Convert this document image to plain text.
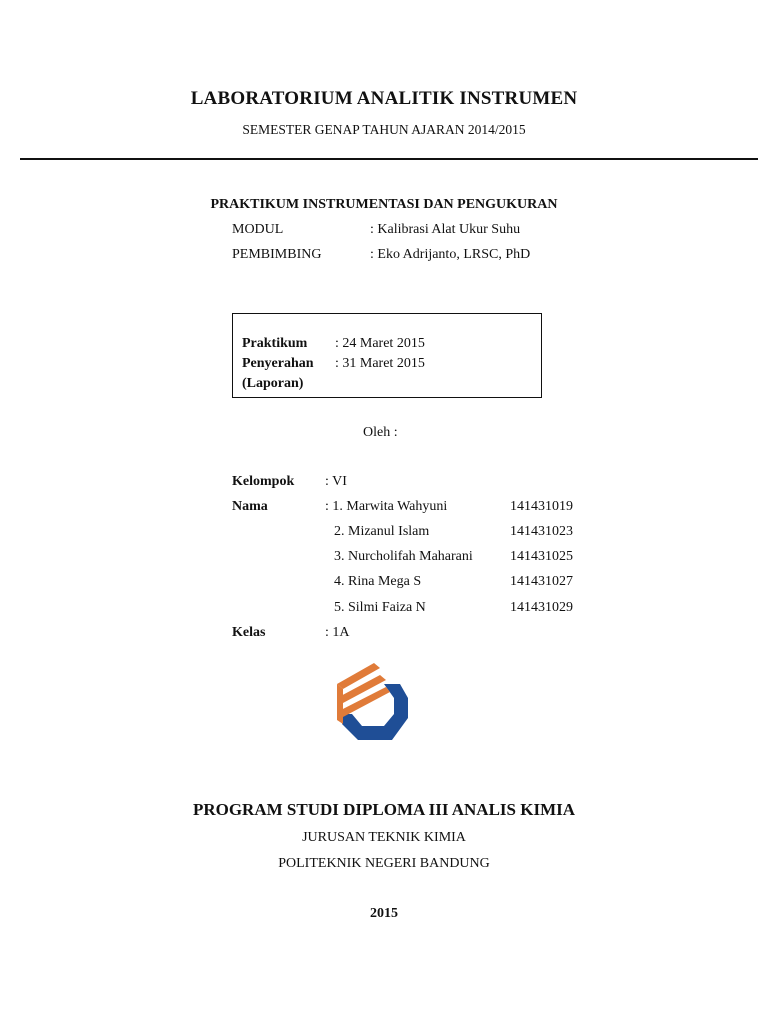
LABORATORIUM ANALITIK INSTRUMEN
SEMESTER GENAP TAHUN AJARAN 2014/2015
PRAKTIKUM INSTRUMENTASI DAN PENGUKURAN
MODUL	: Kalibrasi Alat Ukur Suhu
PEMBIMBING	: Eko Adrijanto, LRSC, PhD
Praktikum : 24 Maret 2015
Penyerahan : 31 Maret 2015
(Laporan)
Oleh :
Kelompok : VI
Nama	: 1. Marwita Wahyuni	141431019
2. Mizanul Islam	141431023
3. Nurcholifah Maharani	141431025
4. Rina Mega S	141431027
5. Silmi Faiza N	141431029
Kelas	: 1A
PROGRAM STUDI DIPLOMA III ANALIS KIMIA
JURUSAN TEKNIK KIMIA
POLITEKNIK NEGERI BANDUNG
2015
